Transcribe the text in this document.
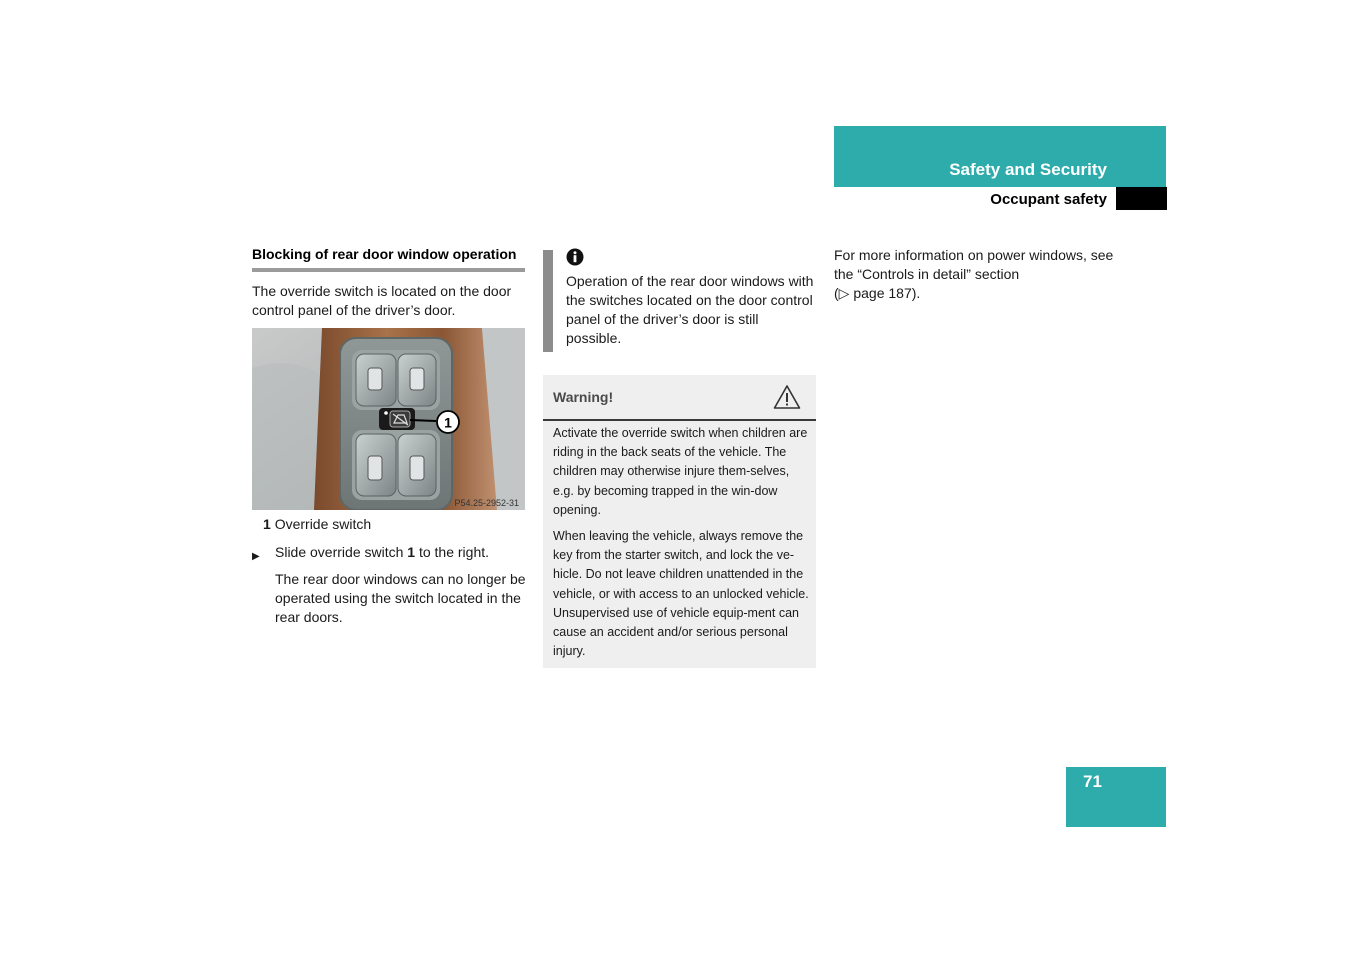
Safety and Security
Occupant safety
Blocking of rear door window operation
The override switch is located on the door control panel of the driver’s door.
1
P54.25-2952-31
1 Override switch
▶ Slide override switch 1 to the right.
The rear door windows can no longer be operated using the switch located in the rear doors.
Operation of the rear door windows with the switches located on the door control panel of the driver’s door is still possible.
Warning!
Activate the override switch when children are riding in the back seats of the vehicle. The children may otherwise injure them-selves, e.g. by becoming trapped in the win-dow opening.
When leaving the vehicle, always remove the key from the starter switch, and lock the ve-hicle. Do not leave children unattended in the vehicle, or with access to an unlocked vehicle. Unsupervised use of vehicle equip-ment can cause an accident and/or serious personal injury.
For more information on power windows, see the “Controls in detail” section
(▷ page 187).
71
